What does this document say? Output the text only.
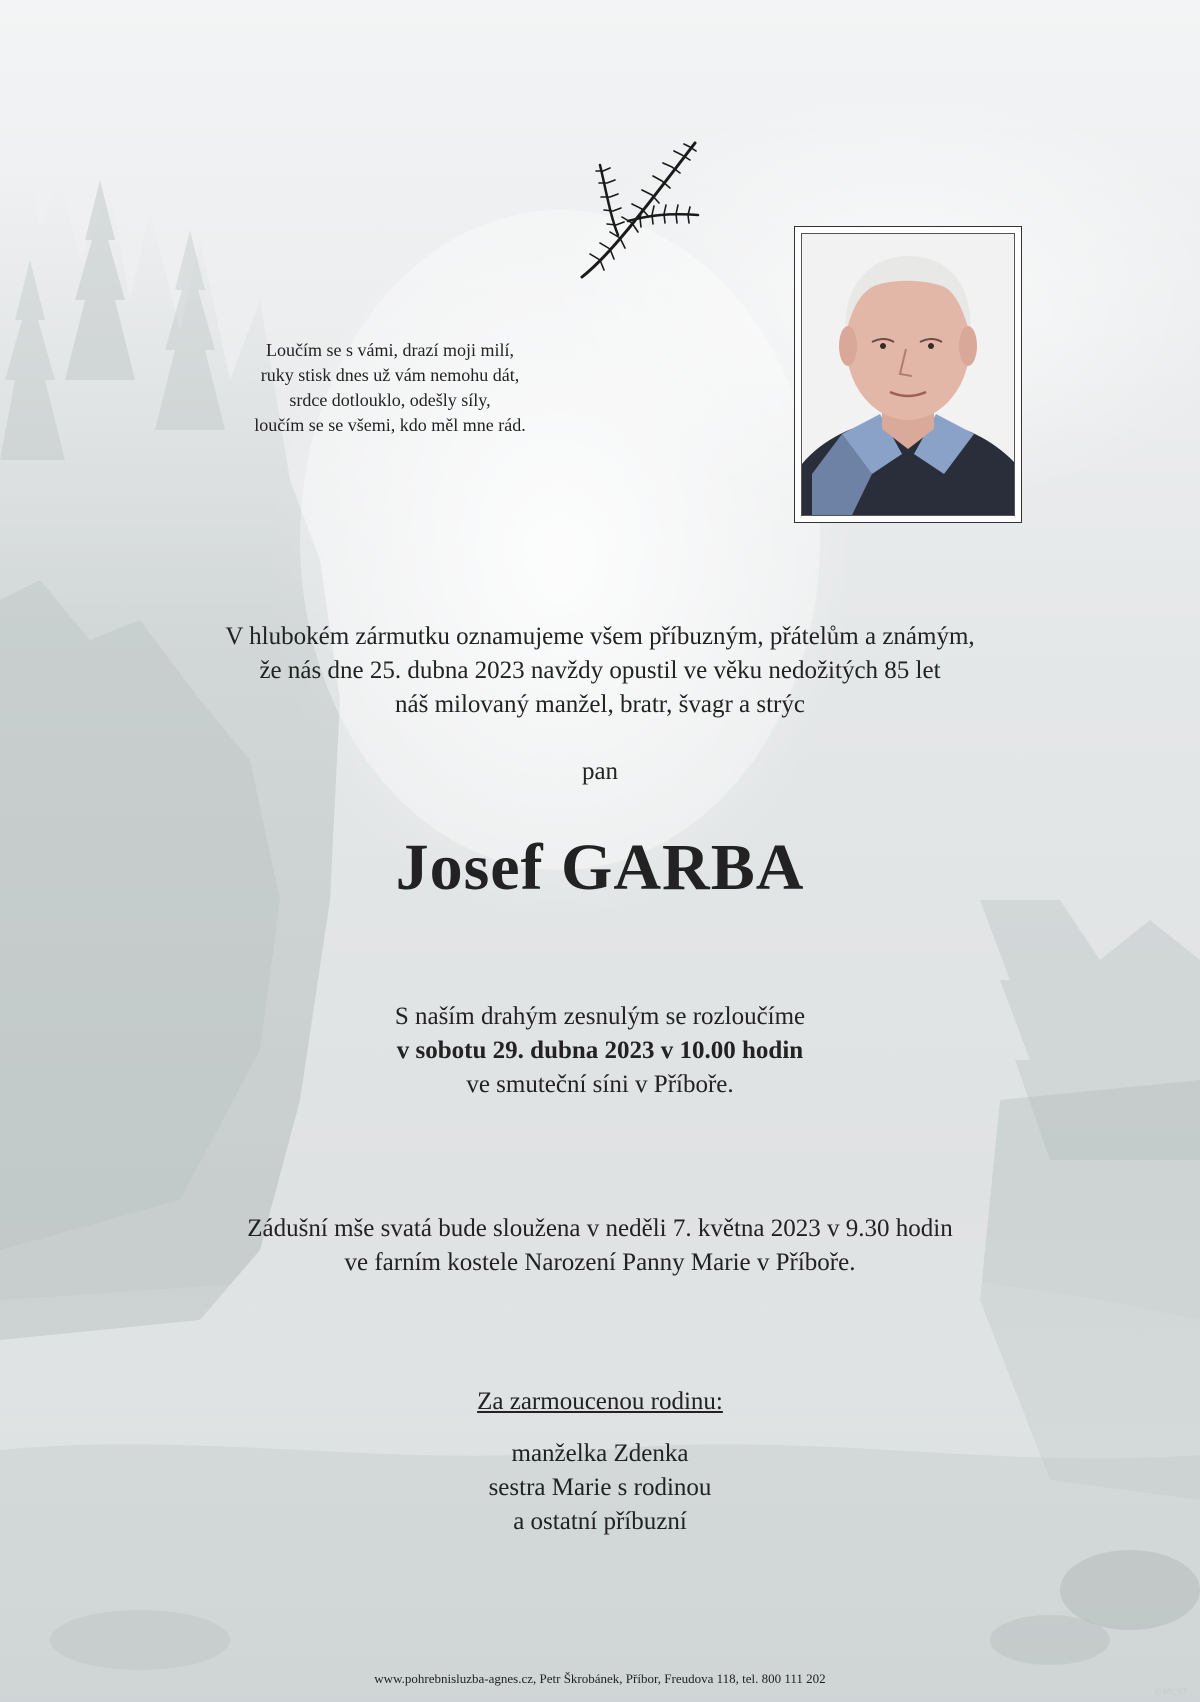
Loučím se s vámi, drazí moji milí,
ruky stisk dnes už vám nemohu dát,
srdce dotlouklo, odešly síly,
loučím se se všemi, kdo měl mne rád.
V hlubokém zármutku oznamujeme všem příbuzným, přátelům a známým,
že nás dne 25. dubna 2023 navždy opustil ve věku nedožitých 85 let
náš milovaný manžel, bratr, švagr a strýc
pan
Josef GARBA
S naším drahým zesnulým se rozloučíme
v sobotu 29. dubna 2023 v 10.00 hodin
ve smuteční síni v Příboře.
Zádušní mše svatá bude sloužena v neděli 7. května 2023 v 9.30 hodin
ve farním kostele Narození Panny Marie v Příboře.
Za zarmoucenou rodinu:
manželka Zdenka
sestra Marie s rodinou
a ostatní příbuzní
www.pohrebnisluzba-agnes.cz, Petr Škrobánek, Příbor, Freudova 118, tel. 800 111 202
©MCST
